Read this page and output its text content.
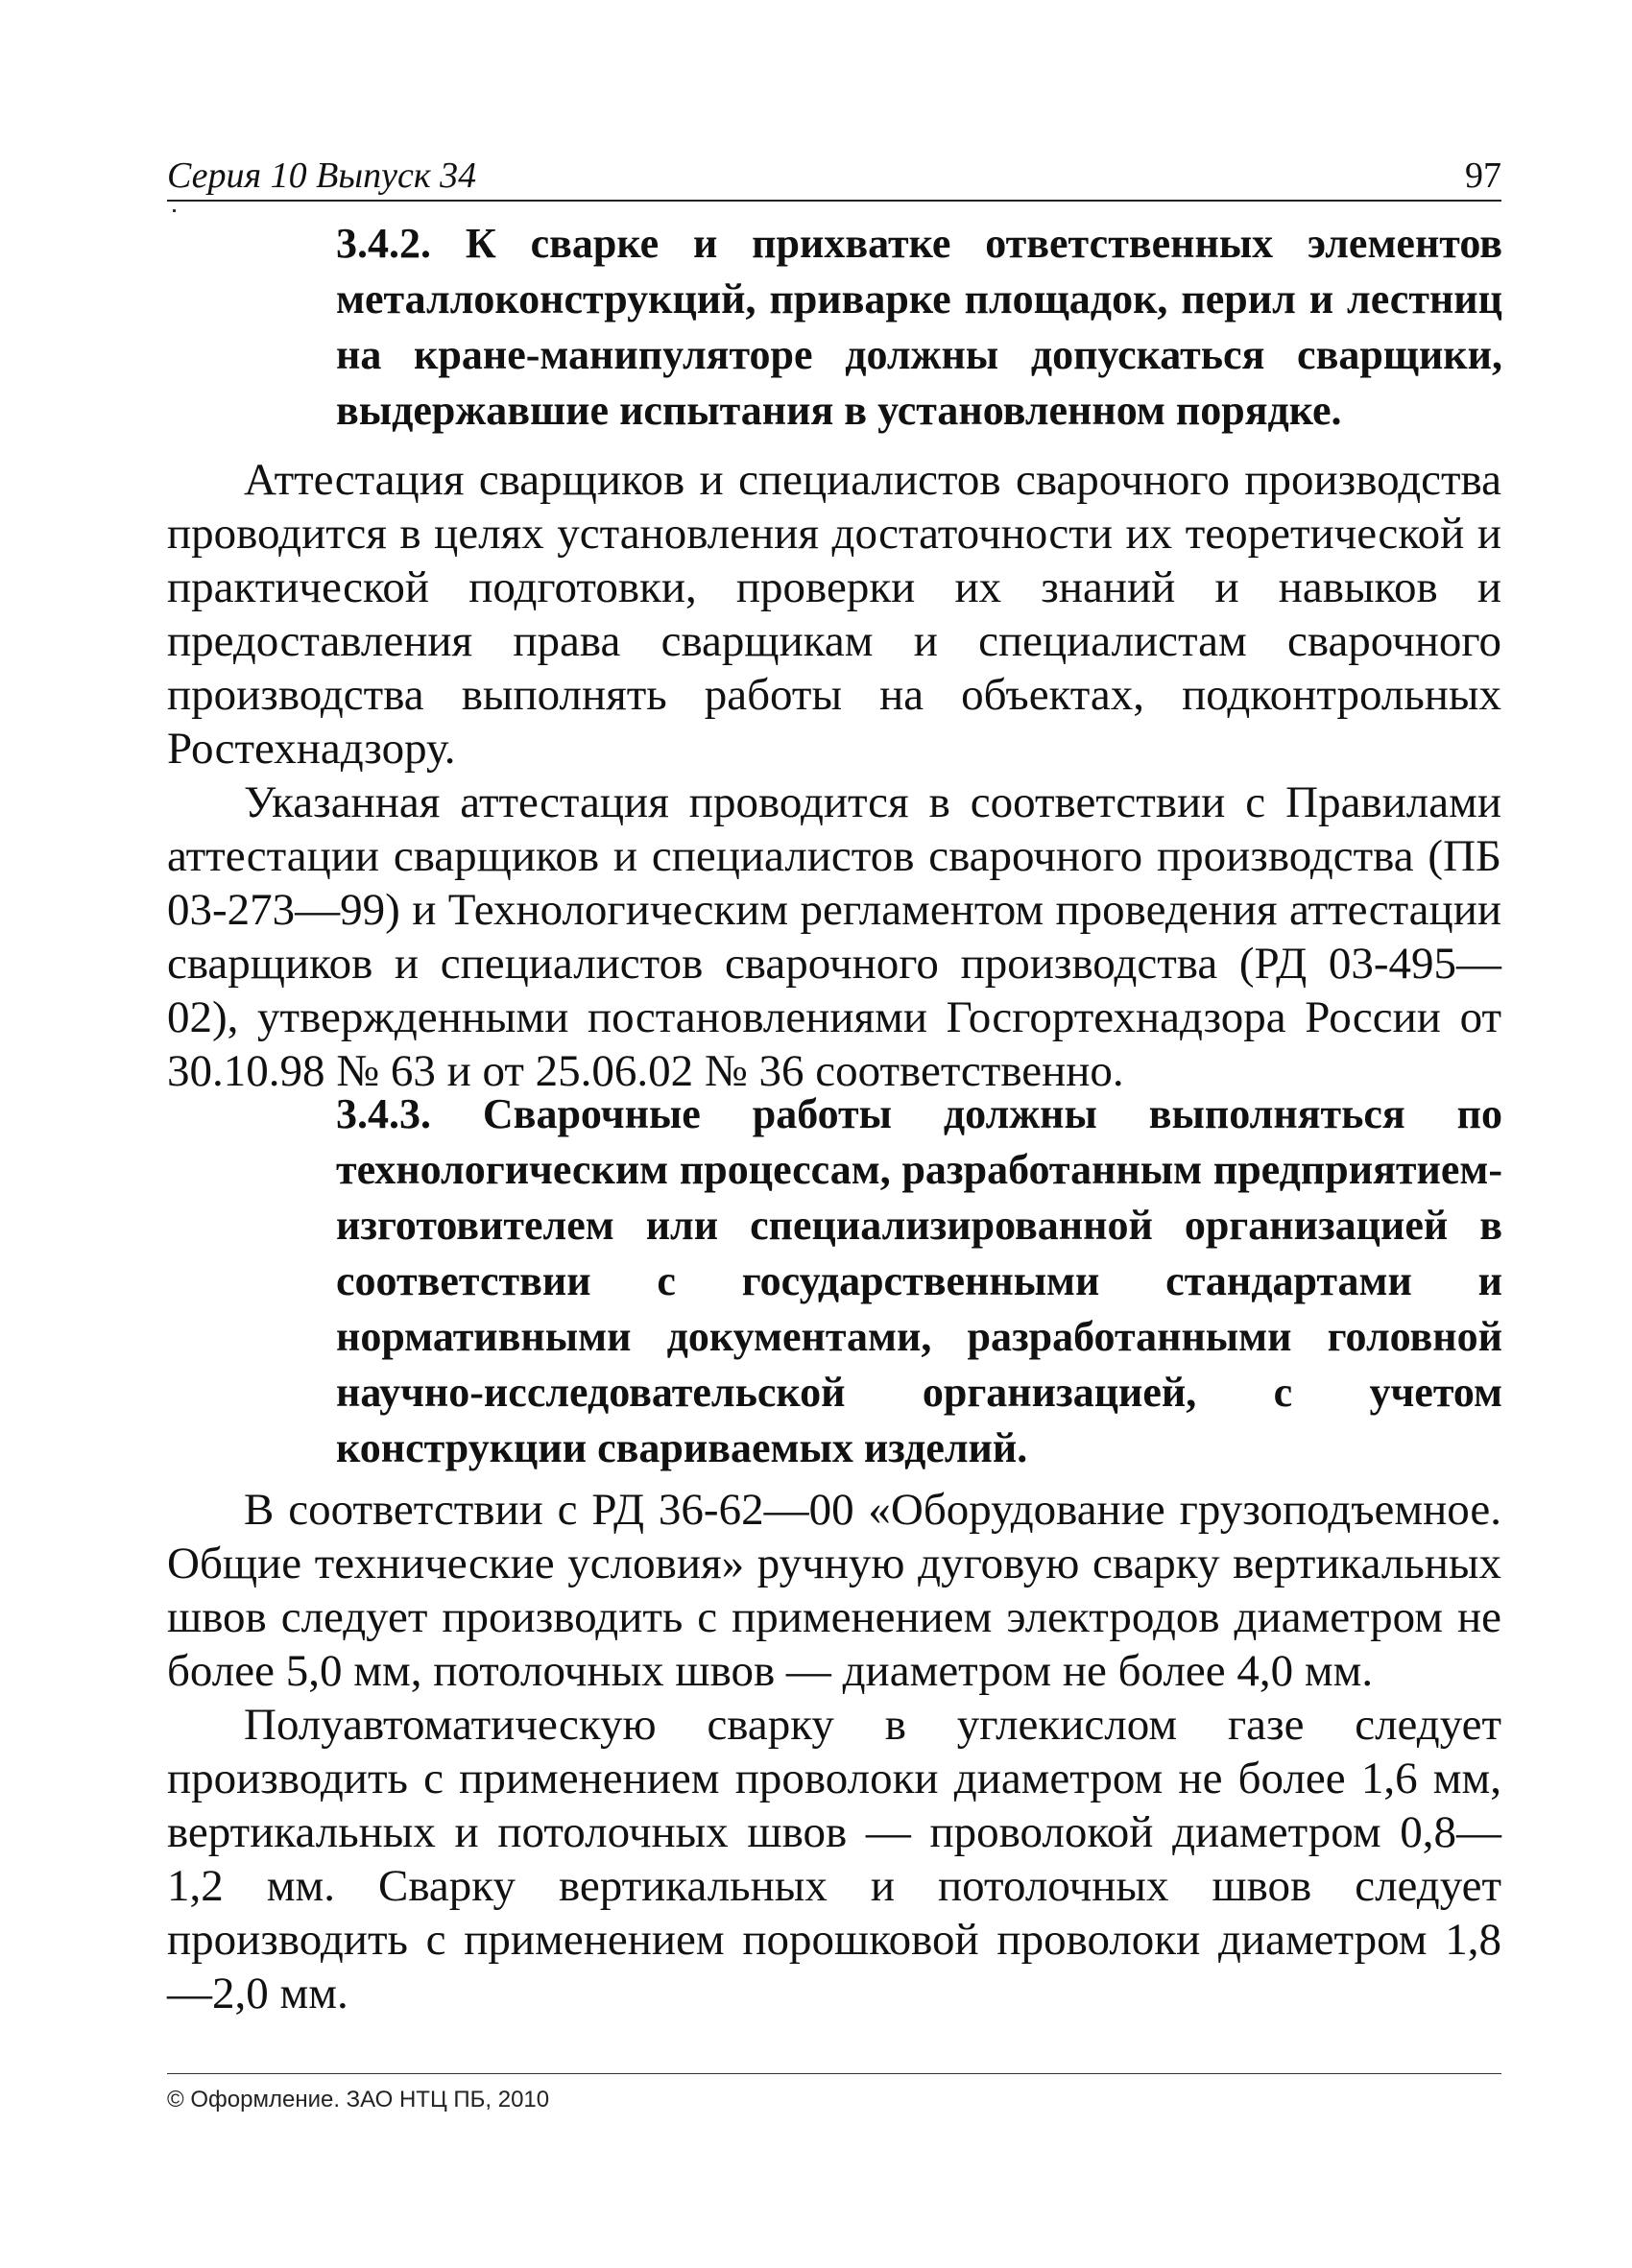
Серия 10 Выпуск 34	97

3.4.2. К сварке и прихватке ответственных элементов металлоконструкций, приварке площадок, перил и лестниц на кране-манипуляторе должны допускаться сварщики, выдержавшие испытания в установленном порядке.

Аттестация сварщиков и специалистов сварочного производства проводится в целях установления достаточности их теоретической и практической подготовки, проверки их знаний и навыков и предоставления права сварщикам и специалистам сварочного производства выполнять работы на объектах, подконтрольных Ростехнадзору.

Указанная аттестация проводится в соответствии с Правилами аттестации сварщиков и специалистов сварочного производства (ПБ 03-273—99) и Технологическим регламентом проведения аттестации сварщиков и специалистов сварочного производства (РД 03-495—02), утвержденными постановлениями Госгортехнадзора России от 30.10.98 № 63 и от 25.06.02 № 36 соответственно.

3.4.3. Сварочные работы должны выполняться по технологическим процессам, разработанным предприятием-изготовителем или специализированной организацией в соответствии с государственными стандартами и нормативными документами, разработанными головной научно-исследовательской организацией, с учетом конструкции свариваемых изделий.

В соответствии с РД 36-62—00 «Оборудование грузоподъемное. Общие технические условия» ручную дуговую сварку вертикальных швов следует производить с применением электродов диаметром не более 5,0 мм, потолочных швов — диаметром не более 4,0 мм.

Полуавтоматическую сварку в углекислом газе следует производить с применением проволоки диаметром не более 1,6 мм, вертикальных и потолочных швов — проволокой диаметром 0,8—1,2 мм. Сварку вертикальных и потолочных швов следует производить с применением порошковой проволоки диаметром 1,8—2,0 мм.

© Оформление. ЗАО НТЦ ПБ, 2010
